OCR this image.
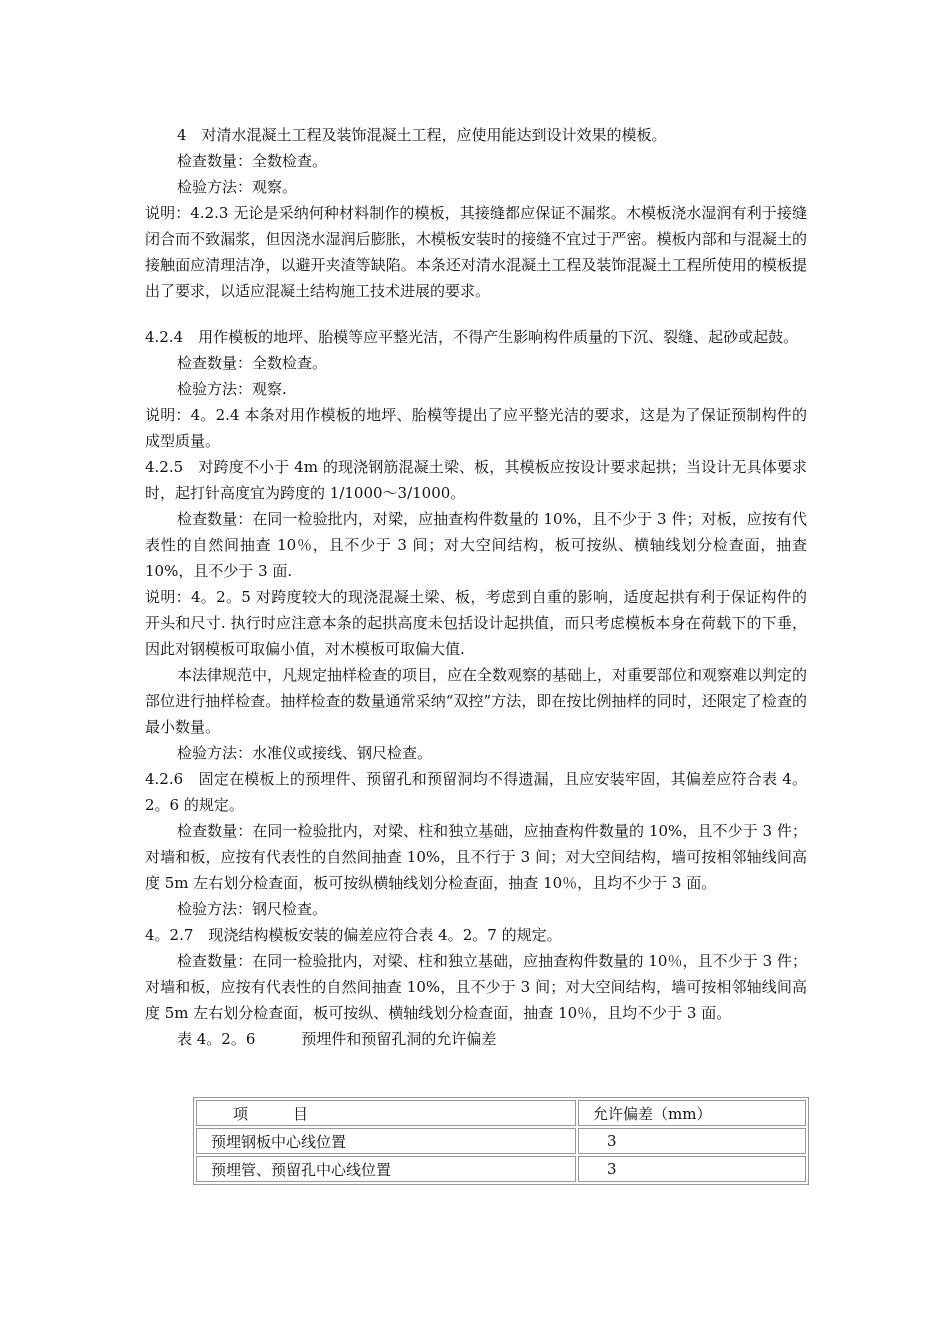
4　对清水混凝土工程及装饰混凝土工程，应使用能达到设计效果的模板。

检查数量：全数检查。

检验方法：观察。

说明：4.2.3 无论是采纳何种材料制作的模板，其接缝都应保证不漏浆。木模板浇水湿润有利于接缝闭合而不致漏浆，但因浇水湿润后膨胀，木模板安装时的接缝不宜过于严密。模板内部和与混凝土的接触面应清理洁净，以避开夹渣等缺陷。本条还对清水混凝土工程及装饰混凝土工程所使用的模板提出了要求，以适应混凝土结构施工技术进展的要求。

4.2.4　用作模板的地坪、胎模等应平整光洁，不得产生影响构件质量的下沉、裂缝、起砂或起鼓。

检查数量：全数检查。

检验方法：观察.

说明：4。2.4 本条对用作模板的地坪、胎模等提出了应平整光洁的要求，这是为了保证预制构件的成型质量。

4.2.5　对跨度不小于 4m 的现浇钢筋混凝土梁、板，其模板应按设计要求起拱；当设计无具体要求时，起打针高度宜为跨度的 1/1000～3/1000。

检查数量：在同一检验批内，对梁，应抽查构件数量的 10%，且不少于 3 件；对板，应按有代表性的自然间抽查 10％，且不少于 3 间；对大空间结构，板可按纵、横轴线划分检查面，抽查 10%，且不少于 3 面.

说明：4。2。5 对跨度较大的现浇混凝土梁、板，考虑到自重的影响，适度起拱有利于保证构件的开头和尺寸. 执行时应注意本条的起拱高度未包括设计起拱值，而只考虑模板本身在荷载下的下垂，因此对钢模板可取偏小值，对木模板可取偏大值.

本法律规范中，凡规定抽样检查的项目，应在全数观察的基础上，对重要部位和观察难以判定的部位进行抽样检查。抽样检查的数量通常采纳“双控”方法，即在按比例抽样的同时，还限定了检查的最小数量。

检验方法：水准仪或接线、钢尺检查。

4.2.6　固定在模板上的预埋件、预留孔和预留洞均不得遗漏，且应安装牢固，其偏差应符合表 4。2。6 的规定。

检查数量：在同一检验批内，对梁、柱和独立基础，应抽查构件数量的 10%，且不少于 3 件；对墙和板，应按有代表性的自然间抽查 10%，且不行于 3 间；对大空间结构，墙可按相邻轴线间高度 5m 左右划分检查面，板可按纵横轴线划分检查面，抽查 10％，且均不少于 3 面。

检验方法：钢尺检查。

4。2.7　现浇结构模板安装的偏差应符合表 4。2。7 的规定。

检查数量：在同一检验批内，对梁、柱和独立基础，应抽查构件数量的 10％，且不少于 3 件；对墙和板，应按有代表性的自然间抽查 10%，且不少于 3 间；对大空间结构，墙可按相邻轴线间高度 5m 左右划分检查面，板可按纵、横轴线划分检查面，抽查 10％，且均不少于 3 面。

表 4。2。6	预埋件和预留孔洞的允许偏差

项　　　目	允许偏差（mm）
预埋钢板中心线位置	3
预埋管、预留孔中心线位置	3
